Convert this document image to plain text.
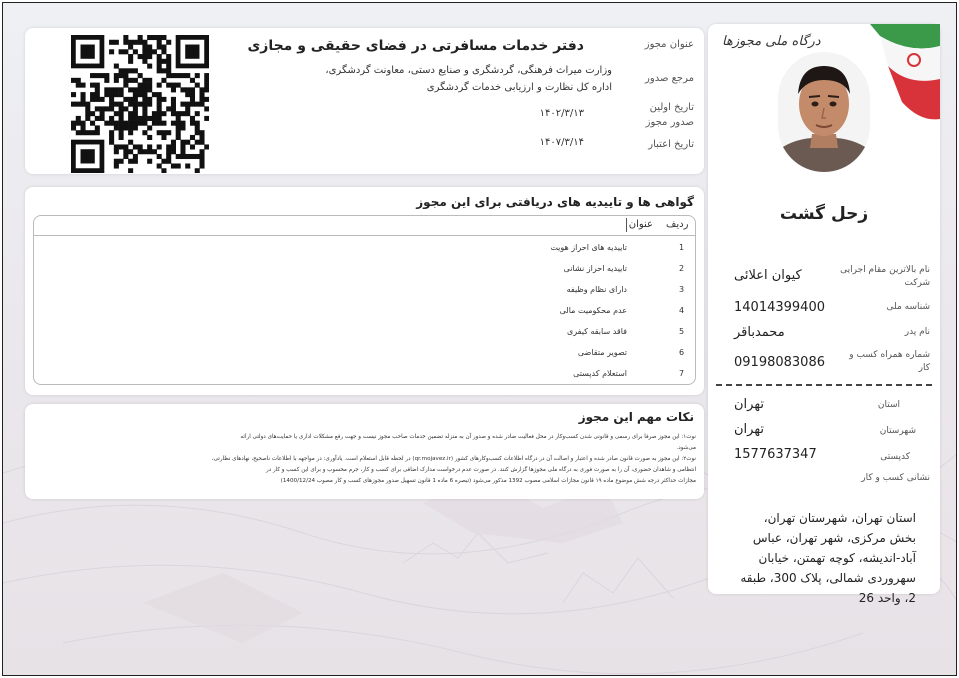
درگاه ملی مجوزها
زحل گشت
نام بالاترین مقام اجرایی شرکت
کیوان اعلائی
شناسه ملی
14014399400
نام پدر
محمدباقر
شماره همراه کسب و کار
09198083086
استان
تهران
شهرستان
تهران
کدپستی
1577637347
نشانی کسب و کار
استان تهران، شهرستان تهران، بخش مرکزی، شهر تهران، عباس آباد-اندیشه، کوچه تهمتن، خیابان سهروردی شمالی، پلاک 300، طبقه 2، واحد 26
عنوان مجوز
دفتر خدمات مسافرتی در فضای حقیقی و مجازی
مرجع صدور
وزارت میراث فرهنگی، گردشگری و صنایع دستی، معاونت گردشگری، اداره کل نظارت و ارزیابی خدمات گردشگری
تاریخ اولین صدور مجوز
۱۴۰۲/۳/۱۳
تاریخ اعتبار
۱۴۰۷/۳/۱۴
گواهی ها و تاییدیه های دریافتی برای این مجوز
ردیف
عنوان
1
تاییدیه های احراز هویت
2
تاییدیه احراز نشانی
3
دارای نظام وظیفه
4
عدم محکومیت مالی
5
فاقد سابقه کیفری
6
تصویر متقاضی
7
استعلام کدپستی
نکات مهم این مجوز
نوت۱: این مجوز صرفا برای رسمی و قانونی شدن کسب‌وکار در محل فعالیت صادر شده و صدور آن به منزله تضمین خدمات صاحب مجوز نیست و جهت رفع مشکلات اداری یا حمایت‌های دولتی ارائه
می‌شود.
نوت۲: این مجوز به صورت قانون صادر شده و اعتبار و اصالت آن در درگاه اطلاعات کسب‌وکارهای کشور (qr.mojavez.ir) در لحظه قابل استعلام است. یادآوری: در مواجهه با اطلاعات ناصحیح، نهادهای نظارتی،
انتظامی و شاهدان حضوری، آن را به صورت فوری به درگاه ملی مجوزها گزارش کنند. در صورت عدم درخواست مدارک اضافی برای کسب و کار، جرم محسوب و برای این کسب و کار در
مجازات حداکثر درجه شش موضوع ماده ۱۹ قانون مجازات اسلامی مصوب 1392 مذکور می‌شود (تبصره 6 ماده 1 قانون تسهیل صدور مجوزهای کسب و کار مصوب 1400/12/24)
